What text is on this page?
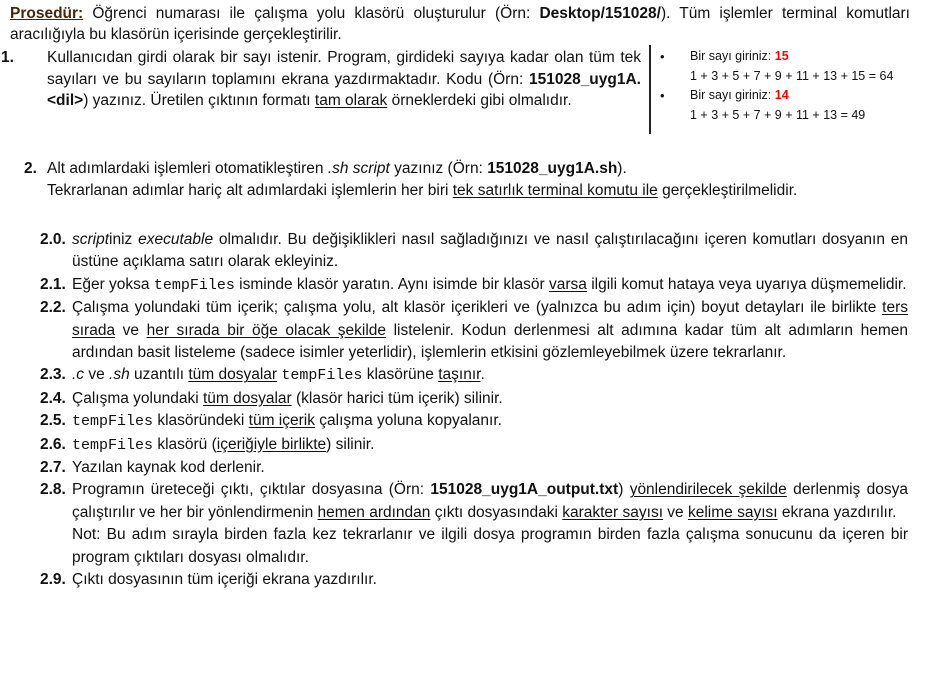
Prosedür: Öğrenci numarası ile çalışma yolu klasörü oluşturulur (Örn: Desktop/151028/). Tüm işlemler terminal komutları aracılığıyla bu klasörün içerisinde gerçekleştirilir.
1. Kullanıcıdan girdi olarak bir sayı istenir. Program, girdideki sayıya kadar olan tüm tek sayıları ve bu sayıların toplamını ekrana yazdırmaktadır. Kodu (Örn: 151028_uyg1A.<dil>) yazınız. Üretilen çıktının formatı tam olarak örneklerdeki gibi olmalıdır.
•	Bir sayı giriniz: 15
1 + 3 + 5 + 7 + 9 + 11 + 13 + 15 = 64
•	Bir sayı giriniz: 14
1 + 3 + 5 + 7 + 9 + 11 + 13 = 49
2. Alt adımlardaki işlemleri otomatikleştiren .sh script yazınız (Örn: 151028_uyg1A.sh).
Tekrarlanan adımlar hariç alt adımlardaki işlemlerin her biri tek satırlık terminal komutu ile gerçekleştirilmelidir.
2.0. scriptiniz executable olmalıdır. Bu değişiklikleri nasıl sağladığınızı ve nasıl çalıştırılacağını içeren komutları dosyanın en üstüne açıklama satırı olarak ekleyiniz.
2.1. Eğer yoksa tempFiles isminde klasör yaratın. Aynı isimde bir klasör varsa ilgili komut hataya veya uyarıya düşmemelidir.
2.2. Çalışma yolundaki tüm içerik; çalışma yolu, alt klasör içerikleri ve (yalnızca bu adım için) boyut detayları ile birlikte ters sırada ve her sırada bir öğe olacak şekilde listelenir. Kodun derlenmesi alt adımına kadar tüm alt adımların hemen ardından basit listeleme (sadece isimler yeterlidir), işlemlerin etkisini gözlemleyebilmek üzere tekrarlanır.
2.3. .c ve .sh uzantılı tüm dosyalar tempFiles klasörüne taşınır.
2.4. Çalışma yolundaki tüm dosyalar (klasör harici tüm içerik) silinir.
2.5. tempFiles klasöründeki tüm içerik çalışma yoluna kopyalanır.
2.6. tempFiles klasörü (içeriğiyle birlikte) silinir.
2.7. Yazılan kaynak kod derlenir.
2.8. Programın üreteceği çıktı, çıktılar dosyasına (Örn: 151028_uyg1A_output.txt) yönlendirilecek şekilde derlenmiş dosya çalıştırılır ve her bir yönlendirmenin hemen ardından çıktı dosyasındaki karakter sayısı ve kelime sayısı ekrana yazdırılır.
Not: Bu adım sırayla birden fazla kez tekrarlanır ve ilgili dosya programın birden fazla çalışma sonucunu da içeren bir program çıktıları dosyası olmalıdır.
2.9. Çıktı dosyasının tüm içeriği ekrana yazdırılır.
